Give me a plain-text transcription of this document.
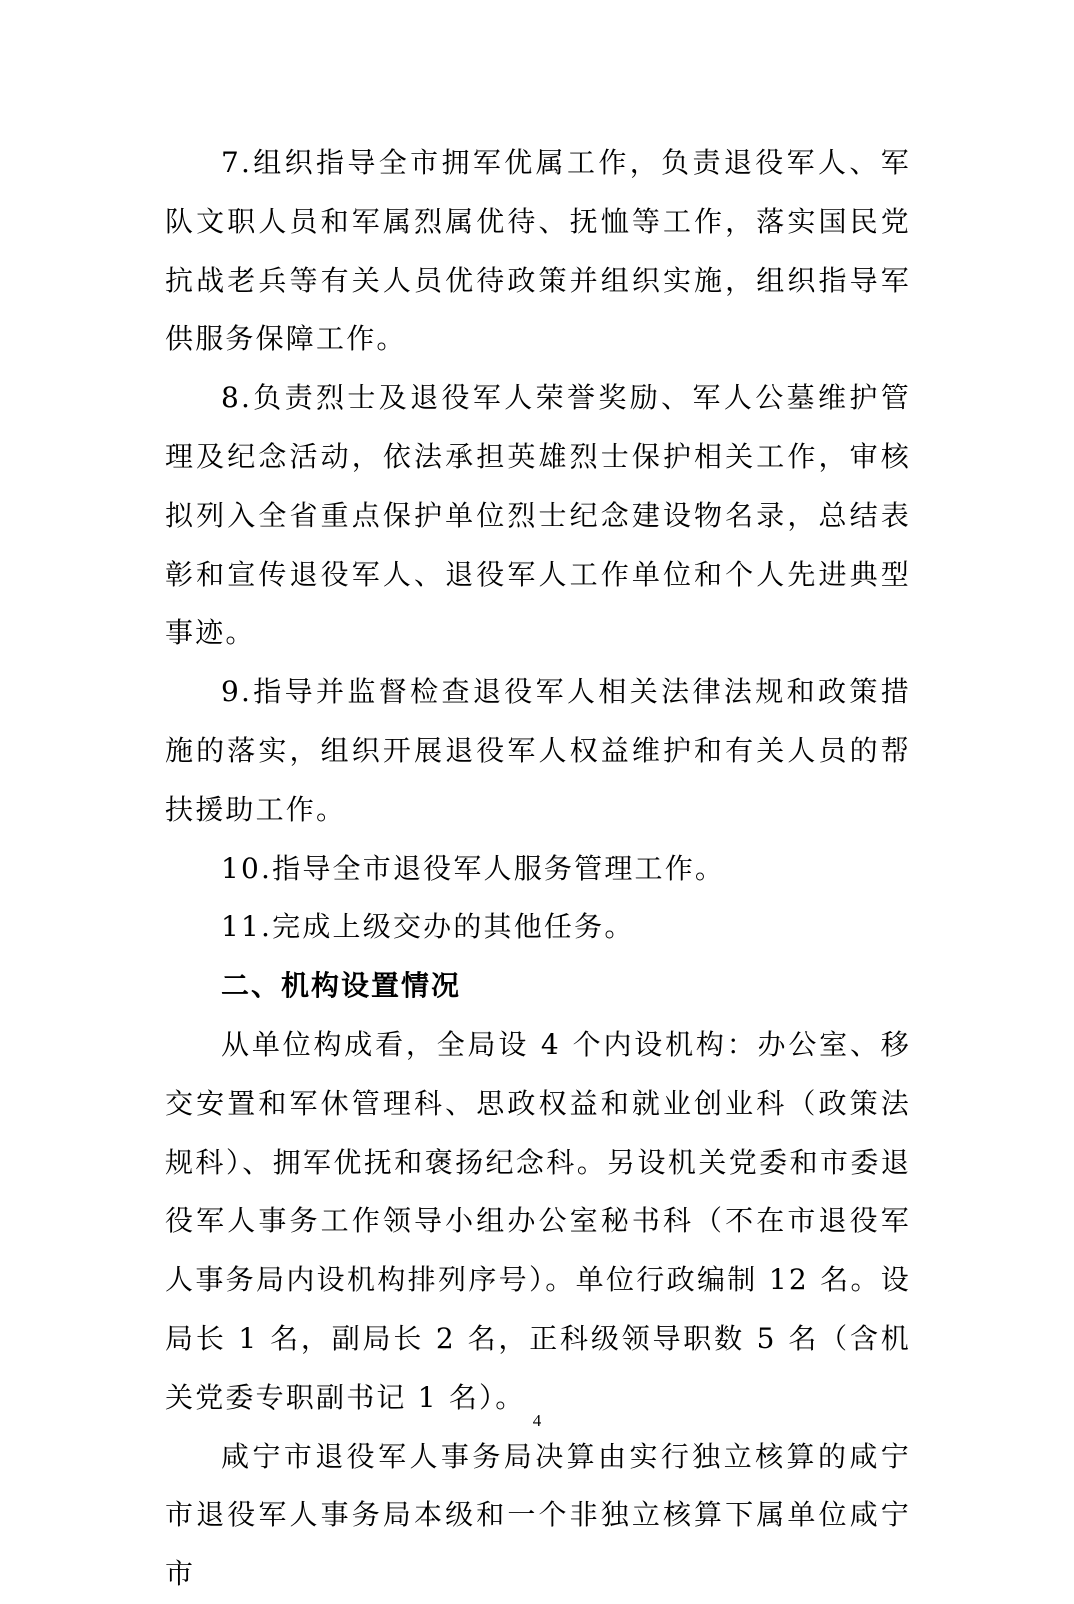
7.组织指导全市拥军优属工作，负责退役军人、军队文职人员和军属烈属优待、抚恤等工作，落实国民党抗战老兵等有关人员优待政策并组织实施，组织指导军供服务保障工作。

8.负责烈士及退役军人荣誉奖励、军人公墓维护管理及纪念活动，依法承担英雄烈士保护相关工作，审核拟列入全省重点保护单位烈士纪念建设物名录，总结表彰和宣传退役军人、退役军人工作单位和个人先进典型事迹。

9.指导并监督检查退役军人相关法律法规和政策措施的落实，组织开展退役军人权益维护和有关人员的帮扶援助工作。

10.指导全市退役军人服务管理工作。

11.完成上级交办的其他任务。

二、机构设置情况

从单位构成看，全局设 4 个内设机构：办公室、移交安置和军休管理科、思政权益和就业创业科（政策法规科）、拥军优抚和褒扬纪念科。另设机关党委和市委退役军人事务工作领导小组办公室秘书科（不在市退役军人事务局内设机构排列序号）。单位行政编制 12 名。设局长 1 名，副局长 2 名，正科级领导职数 5 名（含机关党委专职副书记 1 名）。

咸宁市退役军人事务局决算由实行独立核算的咸宁市退役军人事务局本级和一个非独立核算下属单位咸宁市

4
